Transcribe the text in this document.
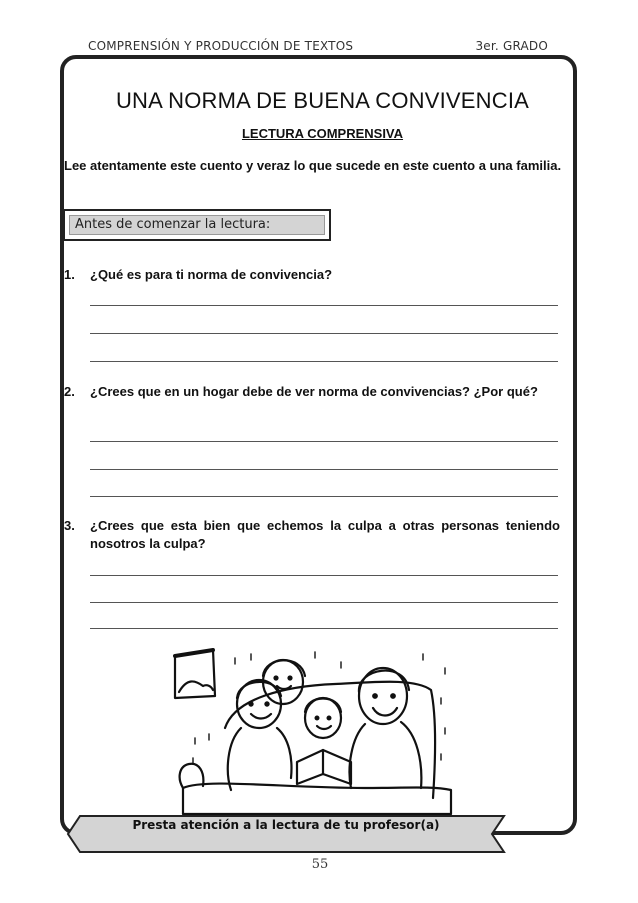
COMPRENSIÓN Y PRODUCCIÓN DE TEXTOS	3er. GRADO
UNA NORMA DE BUENA CONVIVENCIA
LECTURA COMPRENSIVA
Lee atentamente este cuento y veraz lo que sucede en este cuento a una familia.
Antes de comenzar la lectura:
1. ¿Qué es para ti norma de convivencia?
2. ¿Crees que en un hogar debe de ver norma de convivencias? ¿Por qué?
3. ¿Crees que esta bien que echemos la culpa a otras personas teniendo nosotros la culpa?
Presta atención a la lectura de tu profesor(a)
55
